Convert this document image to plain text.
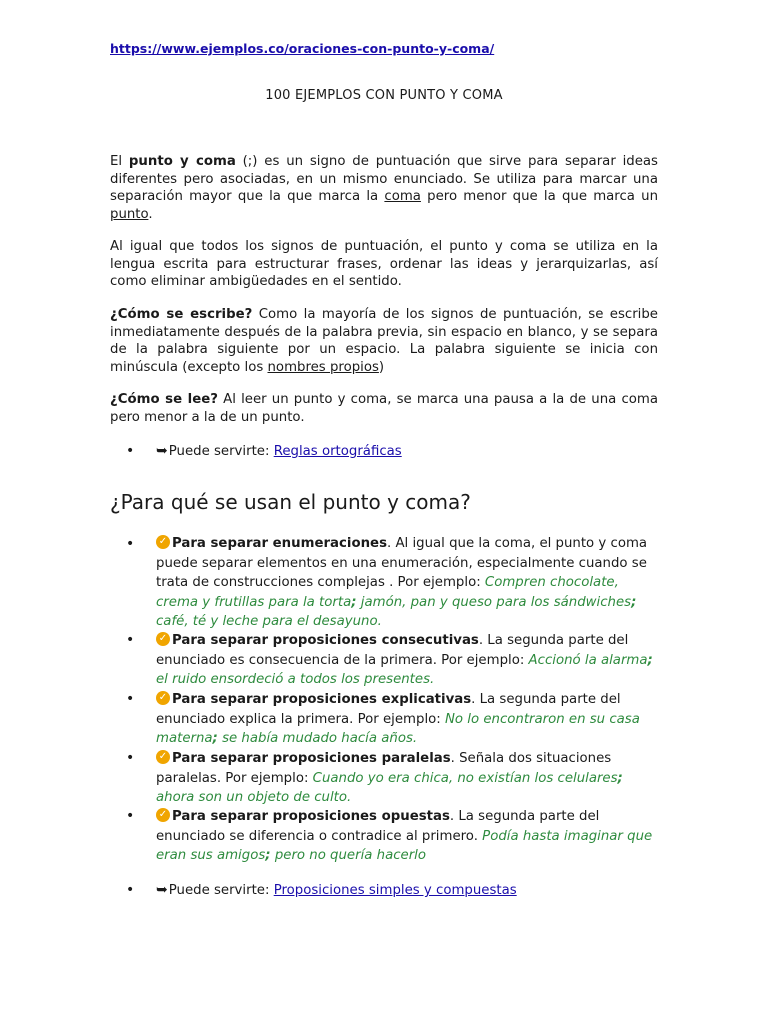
https://www.ejemplos.co/oraciones-con-punto-y-coma/
100 EJEMPLOS CON PUNTO Y COMA

El punto y coma (;) es un signo de puntuación que sirve para separar ideas diferentes pero asociadas, en un mismo enunciado. Se utiliza para marcar una separación mayor que la que marca la coma pero menor que la que marca un punto.

Al igual que todos los signos de puntuación, el punto y coma se utiliza en la lengua escrita para estructurar frases, ordenar las ideas y jerarquizarlas, así como eliminar ambigüedades en el sentido.

¿Cómo se escribe? Como la mayoría de los signos de puntuación, se escribe inmediatamente después de la palabra previa, sin espacio en blanco, y se separa de la palabra siguiente por un espacio. La palabra siguiente se inicia con minúscula (excepto los nombres propios)

¿Cómo se lee? Al leer un punto y coma, se marca una pausa a la de una coma pero menor a la de un punto.

• ➥Puede servirte: Reglas ortográficas
¿Para qué se usan el punto y coma?
• ✓ Para separar enumeraciones. Al igual que la coma, el punto y coma puede separar elementos en una enumeración, especialmente cuando se trata de construcciones complejas . Por ejemplo: Compren chocolate, crema y frutillas para la torta; jamón, pan y queso para los sándwiches; café, té y leche para el desayuno.
• ✓ Para separar proposiciones consecutivas. La segunda parte del enunciado es consecuencia de la primera. Por ejemplo: Accionó la alarma; el ruido ensordeció a todos los presentes.
• ✓ Para separar proposiciones explicativas. La segunda parte del enunciado explica la primera. Por ejemplo: No lo encontraron en su casa materna; se había mudado hacía años.
• ✓ Para separar proposiciones paralelas. Señala dos situaciones paralelas. Por ejemplo: Cuando yo era chica, no existían los celulares; ahora son un objeto de culto.
• ✓ Para separar proposiciones opuestas. La segunda parte del enunciado se diferencia o contradice al primero. Podía hasta imaginar que eran sus amigos; pero no quería hacerlo
• ➥Puede servirte: Proposiciones simples y compuestas
